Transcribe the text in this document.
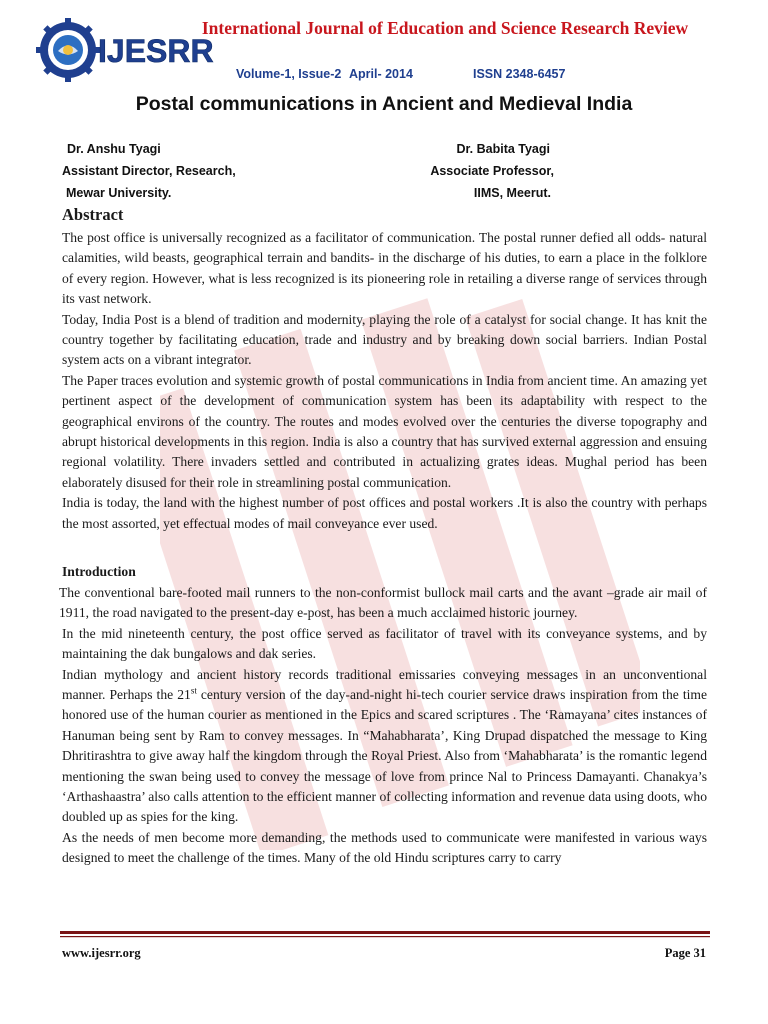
IJESRR
International Journal of Education and Science Research Review
Volume-1, Issue-2 April- 2014	ISSN 2348-6457
Postal communications in Ancient and Medieval India
Dr. Anshu Tyagi
Assistant Director, Research,
Mewar University.
Dr. Babita Tyagi
Associate Professor,
IIMS, Meerut.
Abstract

The post office is universally recognized as a facilitator of communication. The postal runner defied all odds- natural calamities, wild beasts, geographical terrain and bandits- in the discharge of his duties, to earn a place in the folklore of every region. However, what is less recognized is its pioneering role in retailing a diverse range of services through its vast network.

Today, India Post is a blend of tradition and modernity, playing the role of a catalyst for social change. It has knit the country together by facilitating education, trade and industry and by breaking down social barriers. Indian Postal system acts on a vibrant integrator.

The Paper traces evolution and systemic growth of postal communications in India from ancient time. An amazing yet pertinent aspect of the development of communication system has been its adaptability with respect to the geographical environs of the country. The routes and modes evolved over the centuries the diverse topography and abrupt historical developments in this region. India is also a country that has survived external aggression and ensuing regional volatility. There invaders settled and contributed in actualizing grates ideas. Mughal period has been elaborately disused for their role in streamlining postal communication.

India is today, the land with the highest number of post offices and postal workers .It is also the country with perhaps the most assorted, yet effectual modes of mail conveyance ever used.

Introduction

The conventional bare-footed mail runners to the non-conformist bullock mail carts and the avant –grade air mail of 1911, the road navigated to the present-day e-post, has been a much acclaimed historic journey.

In the mid nineteenth century, the post office served as facilitator of travel with its conveyance systems, and by maintaining the dak bungalows and dak series.

Indian mythology and ancient history records traditional emissaries conveying messages in an unconventional manner. Perhaps the 21st century version of the day-and-night hi-tech courier service draws inspiration from the time honored use of the human courier as mentioned in the Epics and scared scriptures . The ‘Ramayana’ cites instances of Hanuman being sent by Ram to convey messages. In “Mahabharata’, King Drupad dispatched the message to King Dhritirashtra to give away half the kingdom through the Royal Priest. Also from ‘Mahabharata’ is the romantic legend mentioning the swan being used to convey the message of love from prince Nal to Princess Damayanti. Chanakya’s ‘Arthashaastra’ also calls attention to the efficient manner of collecting information and revenue data using doots, who doubled up as spies for the king.

As the needs of men become more demanding, the methods used to communicate were manifested in various ways designed to meet the challenge of the times. Many of the old Hindu scriptures carry to carry

www.ijesrr.org	Page 31
